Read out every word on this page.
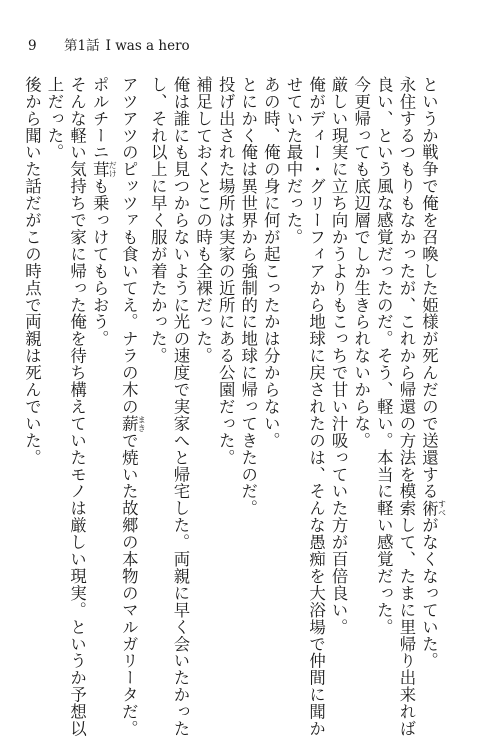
9	第1話 I was a hero
というか戦争で俺を召喚した姫様が死んだので送還する術 すべがなくなっていた。
永住するつもりもなかったが、これから帰還の方法を模索して、たまに里帰り出来れば
良い、という風な感覚だったのだ。そう、軽い。本当に軽い感覚だった。
今更帰っても底辺層でしか生きられないからな。
厳しい現実に立ち向かうよりもこっちで甘い汁吸っていた方が百倍良い。
俺がディー・グリーフィアから地球に戻されたのは、そんな愚痴を大浴場で仲間に聞か
せていた最中だった。
あの時、俺の身に何が起こったかは分からない。
とにかく俺は異世界から強制的に地球に帰ってきたのだ。
投げ出された場所は実家の近所にある公園だった。
補足しておくとこの時も全裸だった。
俺は誰にも見つからないように光の速度で実家へと帰宅した。両親に早く会いたかった
し、それ以上に早く服が着たかった。
アツアツのピッツァも食いてえ。ナラの木の薪 まきで焼いた故郷の本物のマルガリータだ。
ポルチーニ茸 だけも乗っけてもらおう。
そんな軽い気持ちで家に帰った俺を待ち構えていたモノは厳しい現実。というか予想以
上だった。
後から聞いた話だがこの時点で両親は死んでいた。
